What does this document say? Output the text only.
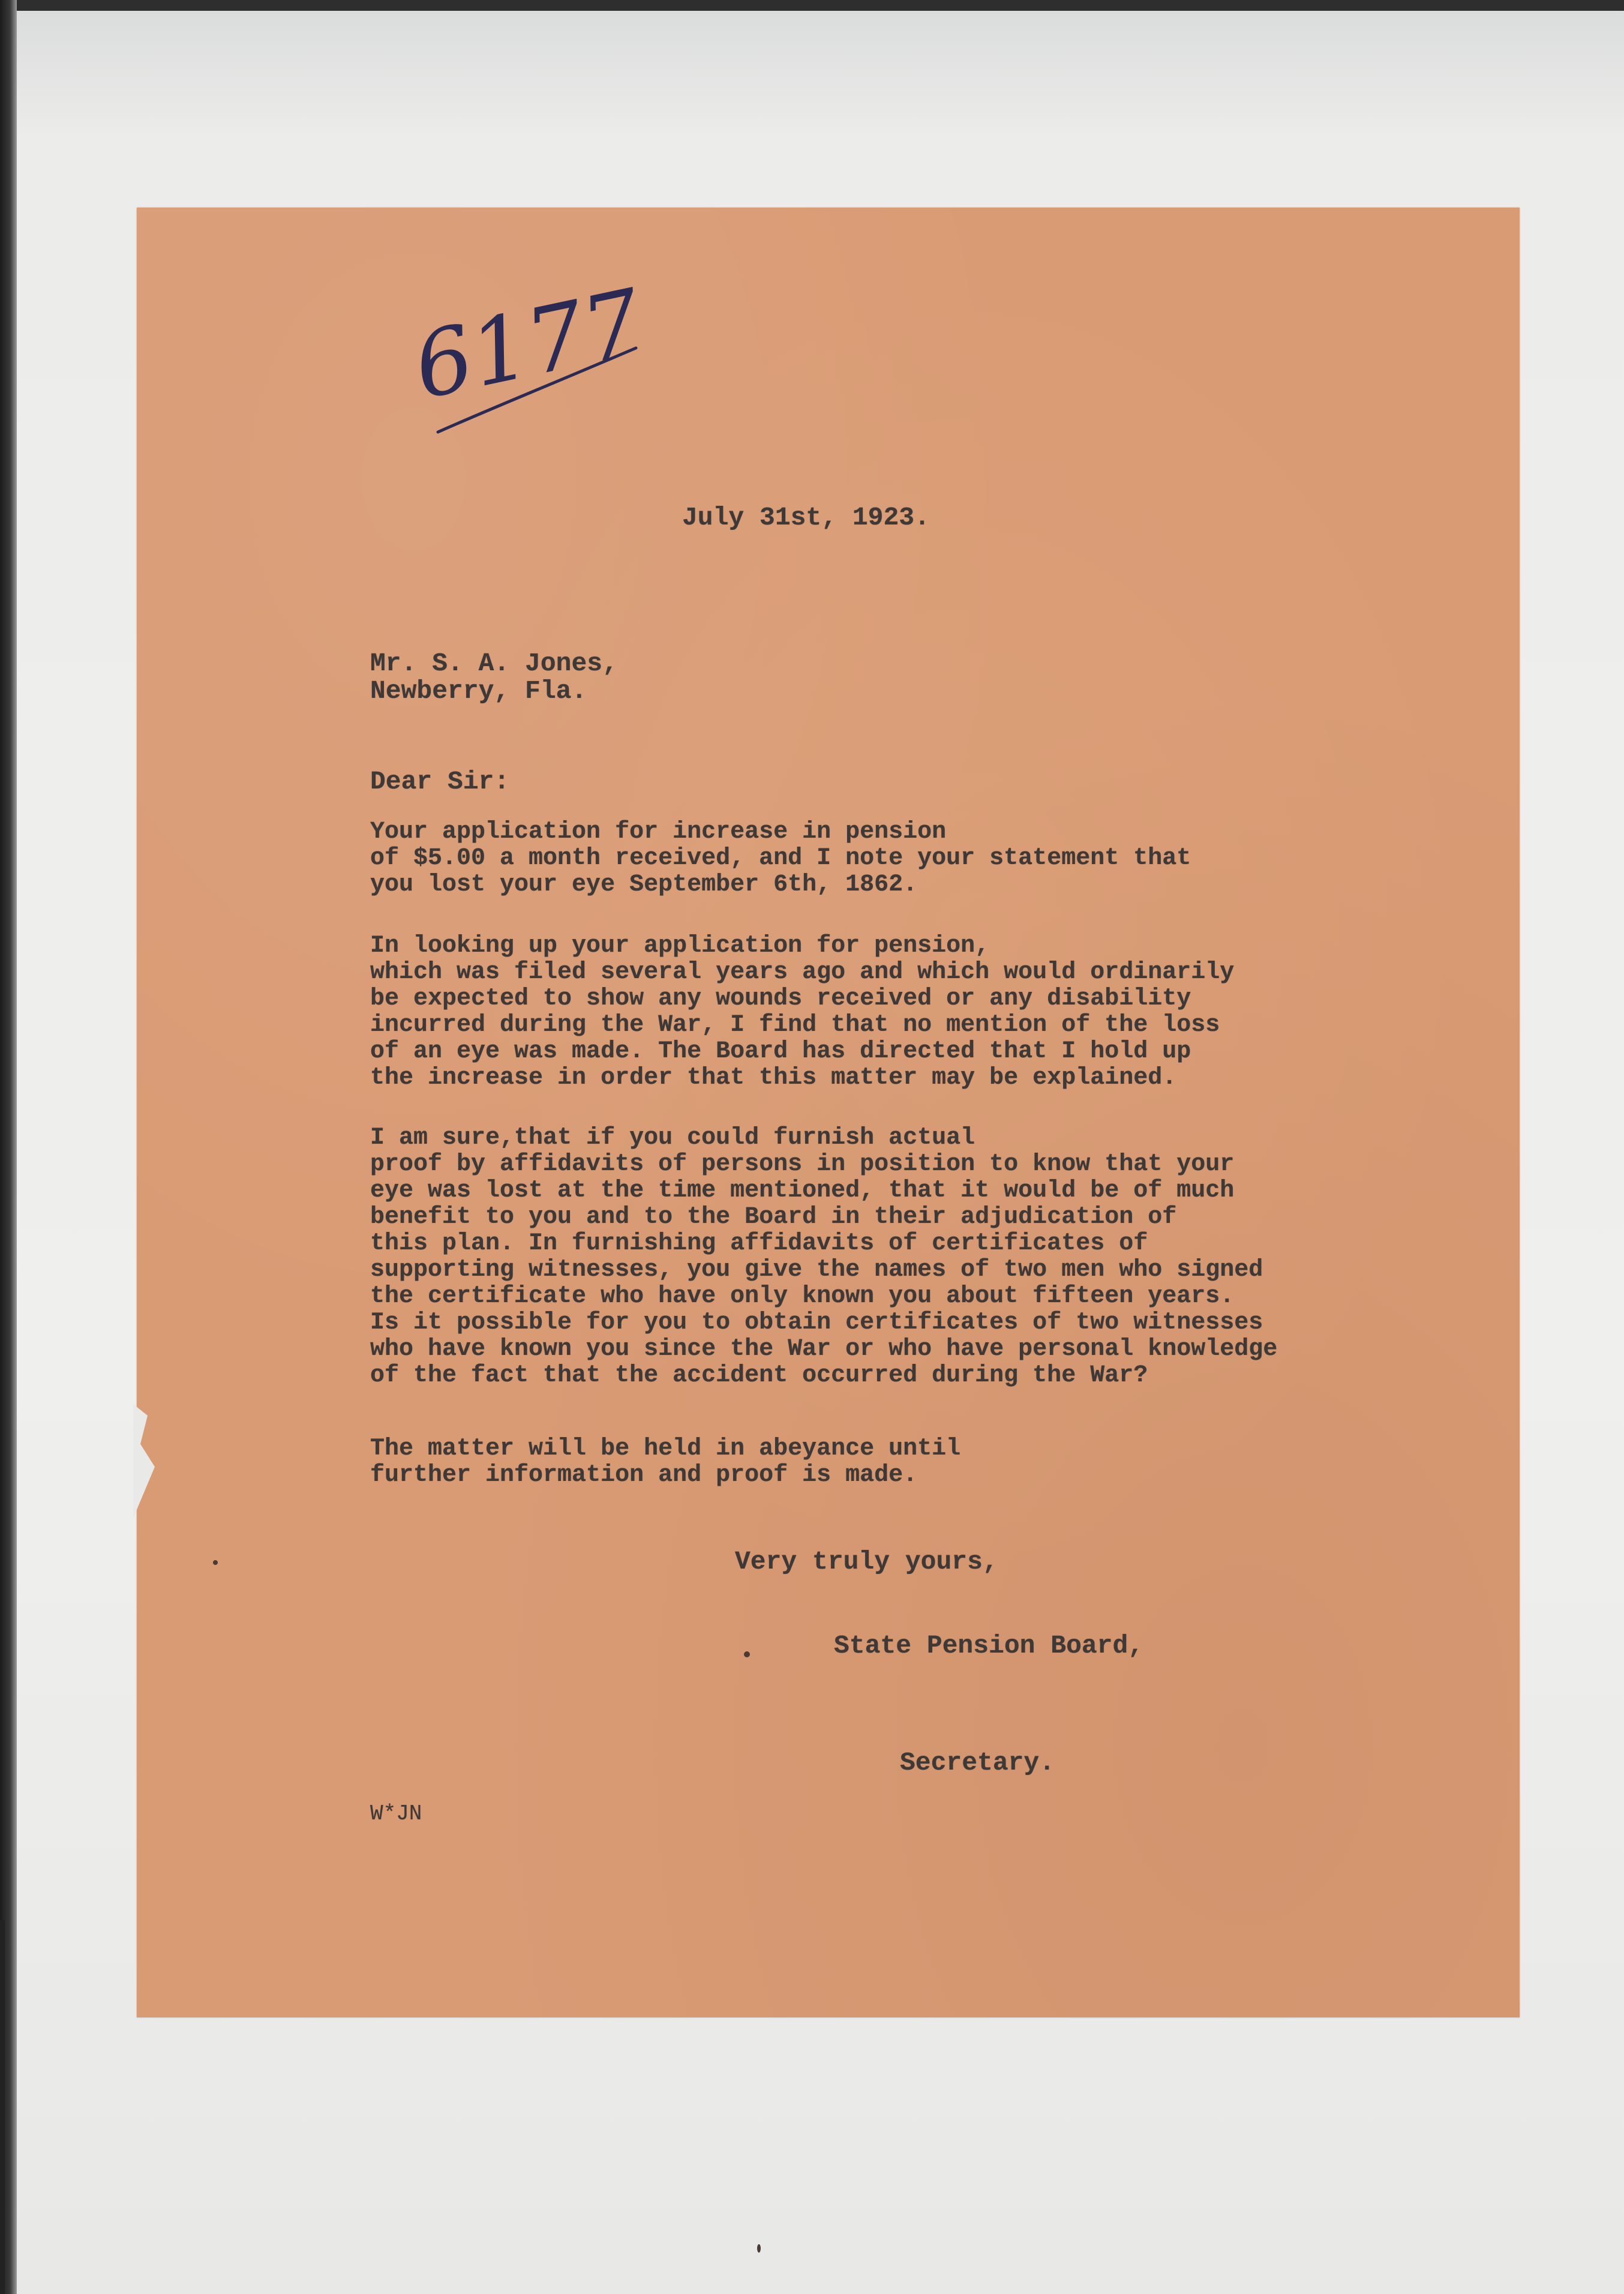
6177

July 31st, 1923.

Mr. S. A. Jones,

Newberry, Fla.

Dear Sir:

Your application for increase in pension
of $5.00 a month received, and I note your statement that
you lost your eye September 6th, 1862.

In looking up your application for pension,
which was filed several years ago and which would ordinarily
be expected to show any wounds received or any disability
incurred during the War, I find that no mention of the loss
of an eye was made. The Board has directed that I hold up
the increase in order that this matter may be explained.

I am sure,that if you could furnish actual
proof by affidavits of persons in position to know that your
eye was lost at the time mentioned, that it would be of much
benefit to you and to the Board in their adjudication of
this plan. In furnishing affidavits of certificates of
supporting witnesses, you give the names of two men who signed
the certificate who have only known you about fifteen years.
Is it possible for you to obtain certificates of two witnesses
who have known you since the War or who have personal knowledge
of the fact that the accident occurred during the War?

The matter will be held in abeyance until
further information and proof is made.

Very truly yours,

State Pension Board,

Secretary.

W*JN
